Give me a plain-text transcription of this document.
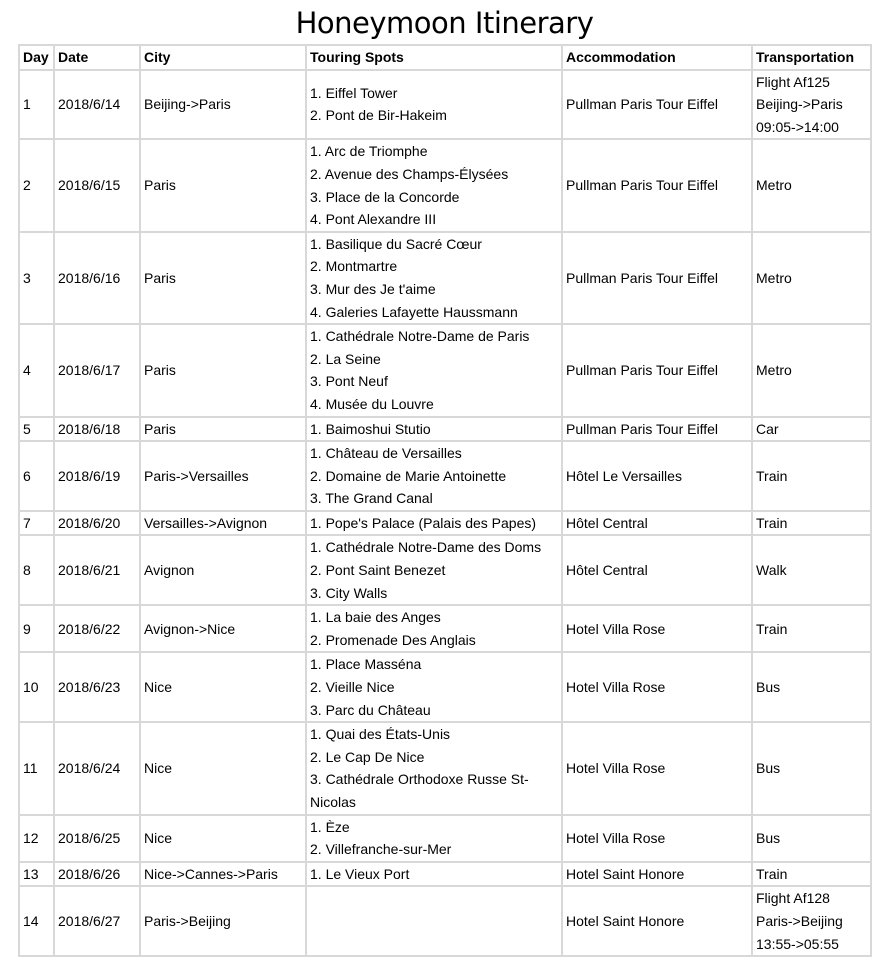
Honeymoon Itinerary
Day	Date	City	Touring Spots	Accommodation	Transportation
1	2018/6/14	Beijing->Paris	1. Eiffel Tower
2. Pont de Bir-Hakeim	Pullman Paris Tour Eiffel	Flight Af125
Beijing->Paris
09:05->14:00

2	2018/6/15	Paris	1. Arc de Triomphe
2. Avenue des Champs-Élysées
3. Place de la Concorde
4. Pont Alexandre III	Pullman Paris Tour Eiffel	Metro

3	2018/6/16	Paris	1. Basilique du Sacré Cœur
2. Montmartre
3. Mur des Je t'aime
4. Galeries Lafayette Haussmann	Pullman Paris Tour Eiffel	Metro

4	2018/6/17	Paris	1. Cathédrale Notre-Dame de Paris
2. La Seine
3. Pont Neuf
4. Musée du Louvre	Pullman Paris Tour Eiffel	Metro

5	2018/6/18	Paris	1. Baimoshui Stutio	Pullman Paris Tour Eiffel	Car

6	2018/6/19	Paris->Versailles	1. Château de Versailles
2. Domaine de Marie Antoinette
3. The Grand Canal	Hôtel Le Versailles	Train

7	2018/6/20	Versailles->Avignon	1. Pope's Palace (Palais des Papes)	Hôtel Central	Train

8	2018/6/21	Avignon	1. Cathédrale Notre-Dame des Doms
2. Pont Saint Benezet
3. City Walls	Hôtel Central	Walk

9	2018/6/22	Avignon->Nice	1. La baie des Anges
2. Promenade Des Anglais	Hotel Villa Rose	Train

10	2018/6/23	Nice	1. Place Masséna
2. Vieille Nice
3. Parc du Château	Hotel Villa Rose	Bus

11	2018/6/24	Nice	1. Quai des États-Unis
2. Le Cap De Nice
3. Cathédrale Orthodoxe Russe St-Nicolas	Hotel Villa Rose	Bus

12	2018/6/25	Nice	1. Èze
2. Villefranche-sur-Mer	Hotel Villa Rose	Bus

13	2018/6/26	Nice->Cannes->Paris	1. Le Vieux Port	Hotel Saint Honore	Train

14	2018/6/27	Paris->Beijing		Hotel Saint Honore	Flight Af128
Paris->Beijing
13:55->05:55
